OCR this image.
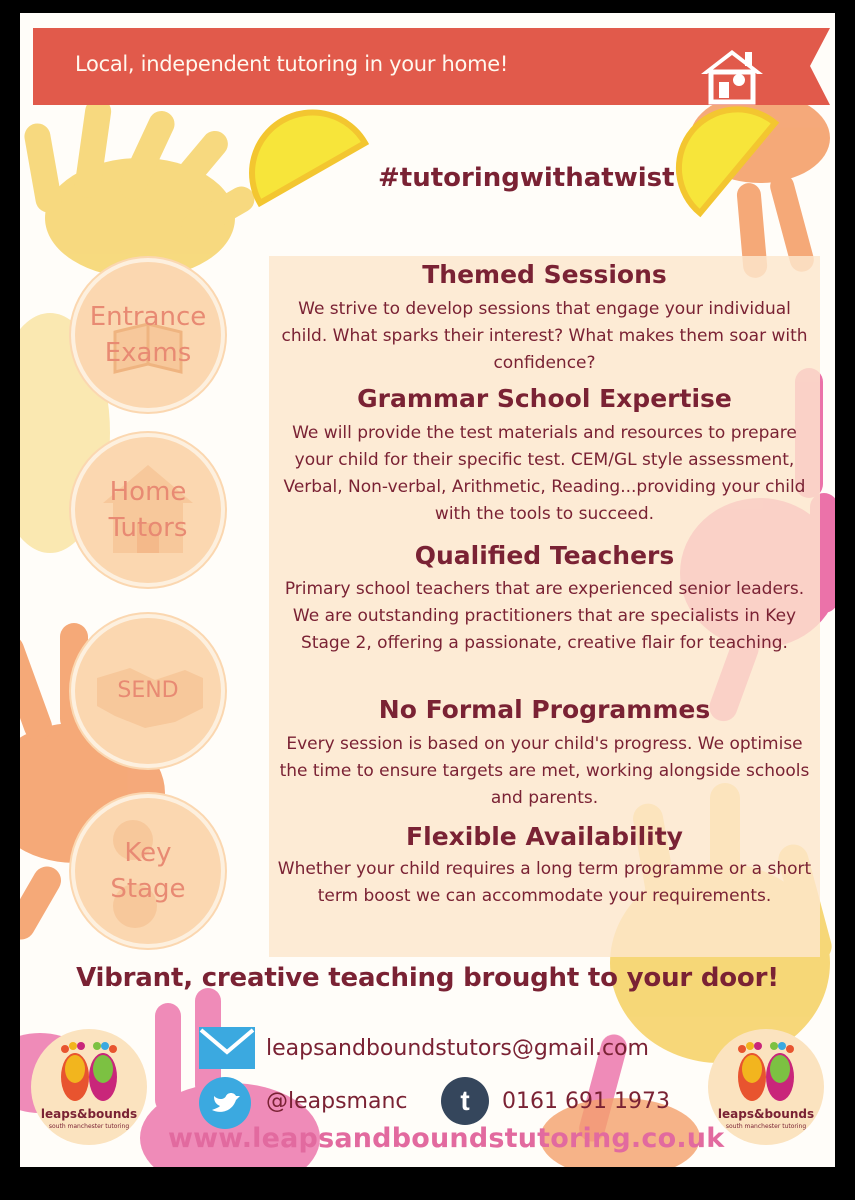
Local, independent tutoring in your home!
#tutoringwithatwist
Entrance
Exams
Home
Tutors
SEND
Key
Stage
Themed Sessions
We strive to develop sessions that engage your individual child. What sparks their interest? What makes them soar with confidence?
Grammar School Expertise
We will provide the test materials and resources to prepare your child for their specific test. CEM/GL style assessment, Verbal, Non-verbal, Arithmetic, Reading...providing your child with the tools to succeed.
Qualified Teachers
Primary school teachers that are experienced senior leaders. We are outstanding practitioners that are specialists in Key Stage 2, offering a passionate, creative flair for teaching.
No Formal Programmes
Every session is based on your child's progress. We optimise the time to ensure targets are met, working alongside schools and parents.
Flexible Availability
Whether your child requires a long term programme or a short term boost we can accommodate your requirements.
Vibrant, creative teaching brought to your door!
leaps&bounds
south manchester tutoring
leaps&bounds
south manchester tutoring
leapsandboundstutors@gmail.com
@leapsmanc t 0161 691 1973
www.leapsandboundstutoring.co.uk
